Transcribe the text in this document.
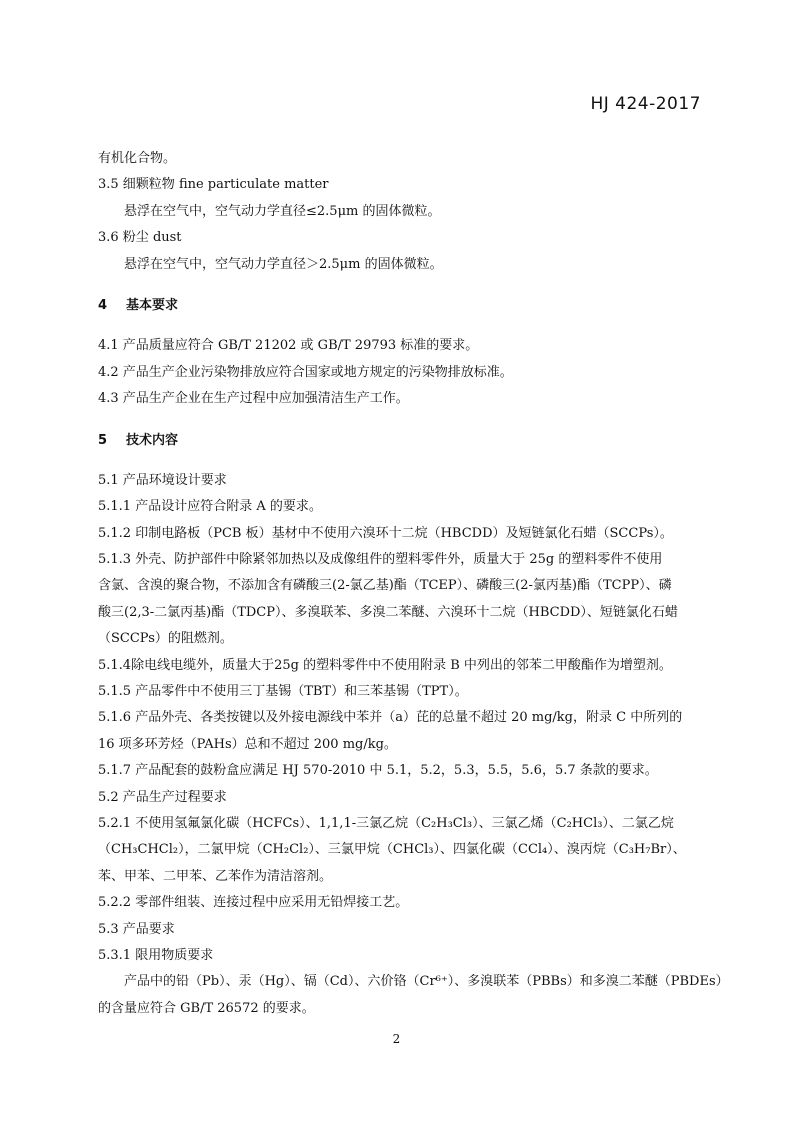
HJ 424-2017
有机化合物。
3.5 细颗粒物 fine particulate matter
悬浮在空气中，空气动力学直径≤2.5μm 的固体微粒。
3.6 粉尘 dust
悬浮在空气中，空气动力学直径＞2.5μm 的固体微粒。
4 基本要求
4.1 产品质量应符合 GB/T 21202 或 GB/T 29793 标准的要求。
4.2 产品生产企业污染物排放应符合国家或地方规定的污染物排放标准。
4.3 产品生产企业在生产过程中应加强清洁生产工作。
5 技术内容
5.1 产品环境设计要求
5.1.1 产品设计应符合附录 A 的要求。
5.1.2 印制电路板（PCB 板）基材中不使用六溴环十二烷（HBCDD）及短链氯化石蜡（SCCPs）。
5.1.3 外壳、防护部件中除紧邻加热以及成像组件的塑料零件外，质量大于 25g 的塑料零件不使用
含氯、含溴的聚合物，不添加含有磷酸三(2-氯乙基)酯（TCEP）、磷酸三(2-氯丙基)酯（TCPP）、磷
酸三(2,3-二氯丙基)酯（TDCP）、多溴联苯、多溴二苯醚、六溴环十二烷（HBCDD）、短链氯化石蜡
（SCCPs）的阻燃剂。
5.1.4除电线电缆外，质量大于25g 的塑料零件中不使用附录 B 中列出的邻苯二甲酸酯作为增塑剂。
5.1.5 产品零件中不使用三丁基锡（TBT）和三苯基锡（TPT）。
5.1.6 产品外壳、各类按键以及外接电源线中苯并（a）芘的总量不超过 20 mg/kg，附录 C 中所列的
16 项多环芳烃（PAHs）总和不超过 200 mg/kg。
5.1.7 产品配套的鼓粉盒应满足 HJ 570-2010 中 5.1，5.2，5.3，5.5，5.6，5.7 条款的要求。
5.2 产品生产过程要求
5.2.1 不使用氢氟氯化碳（HCFCs）、1,1,1-三氯乙烷（C₂H₃Cl₃）、三氯乙烯（C₂HCl₃）、二氯乙烷
（CH₃CHCl₂），二氯甲烷（CH₂Cl₂）、三氯甲烷（CHCl₃）、四氯化碳（CCl₄）、溴丙烷（C₃H₇Br）、
苯、甲苯、二甲苯、乙苯作为清洁溶剂。
5.2.2 零部件组装、连接过程中应采用无铅焊接工艺。
5.3 产品要求
5.3.1 限用物质要求
产品中的铅（Pb）、汞（Hg）、镉（Cd）、六价铬（Cr⁶⁺）、多溴联苯（PBBs）和多溴二苯醚（PBDEs）
的含量应符合 GB/T 26572 的要求。
2
